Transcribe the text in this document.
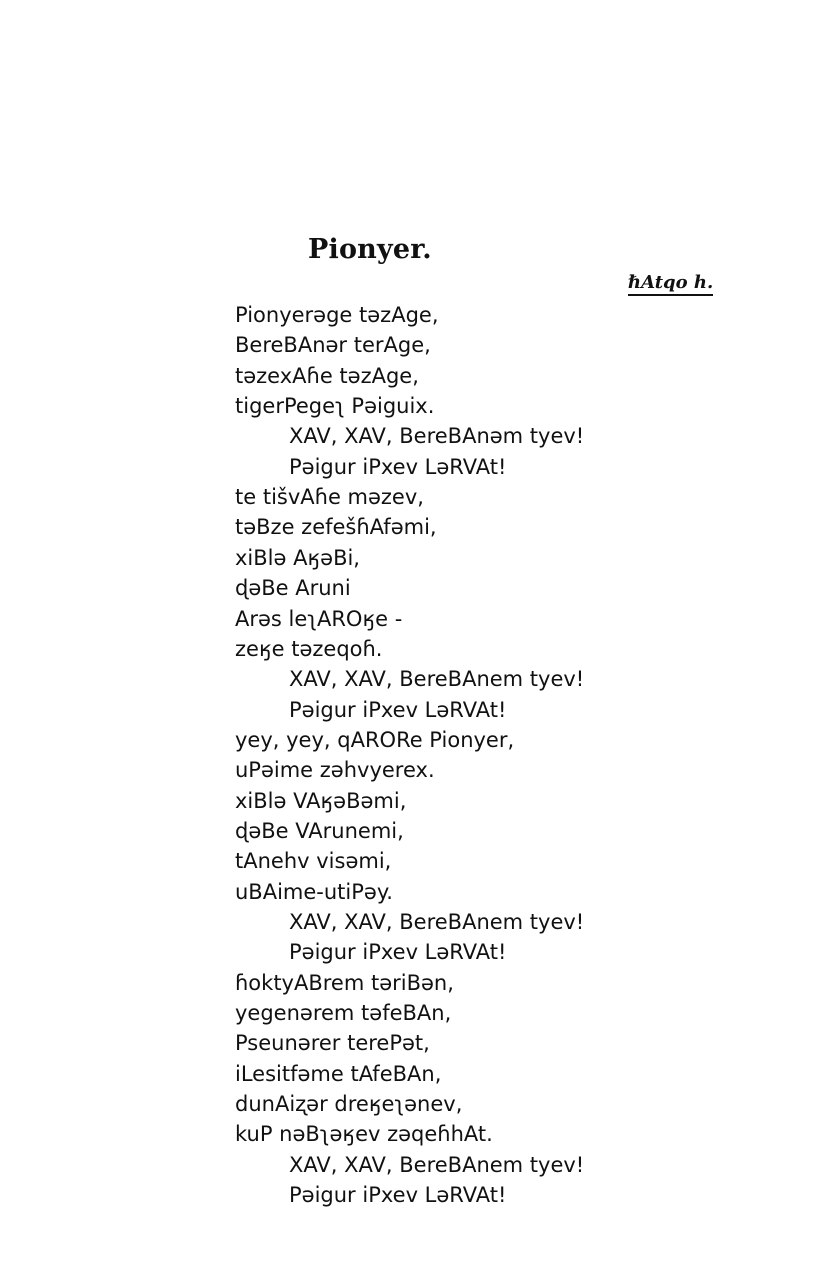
Pionyer.
ℏAtqo h.
Pionyerəge təzAge,
BereBAnər terAge,
təzexAɦe təzAge,
tigerPegeʅ Pəiguix.
XAV, XAV, BereBAnəm tyev!
Pəigur iPxev LəRVAt!
te tišvAɦe məzev,
təBze zefešɦAfəmi,
xiBlə AӄəBi,
ɖəBe Aruni
Arəs leʅAROӄe -
zeӄe təzeqoɦ.
XAV, XAV, BereBAnem tyev!
Pəigur iPxev LəRVAt!
yey, yey, qARORe Pionyer,
uPəime zəhvyerex.
xiBlə VAӄəBəmi,
ɖəBe VArunemi,
tAnehv visəmi,
uBAime-utiPəy.
XAV, XAV, BereBAnem tyev!
Pəigur iPxev LəRVAt!
ɦoktyABrem təriBən,
yegenərem təfeBAn,
Pseunərer terePət,
iLesitfəme tAfeBAn,
dunAiʐər dreӄeʅənev,
kuP nəBʅəӄev zəqeɦhAt.
XAV, XAV, BereBAnem tyev!
Pəigur iPxev LəRVAt!
